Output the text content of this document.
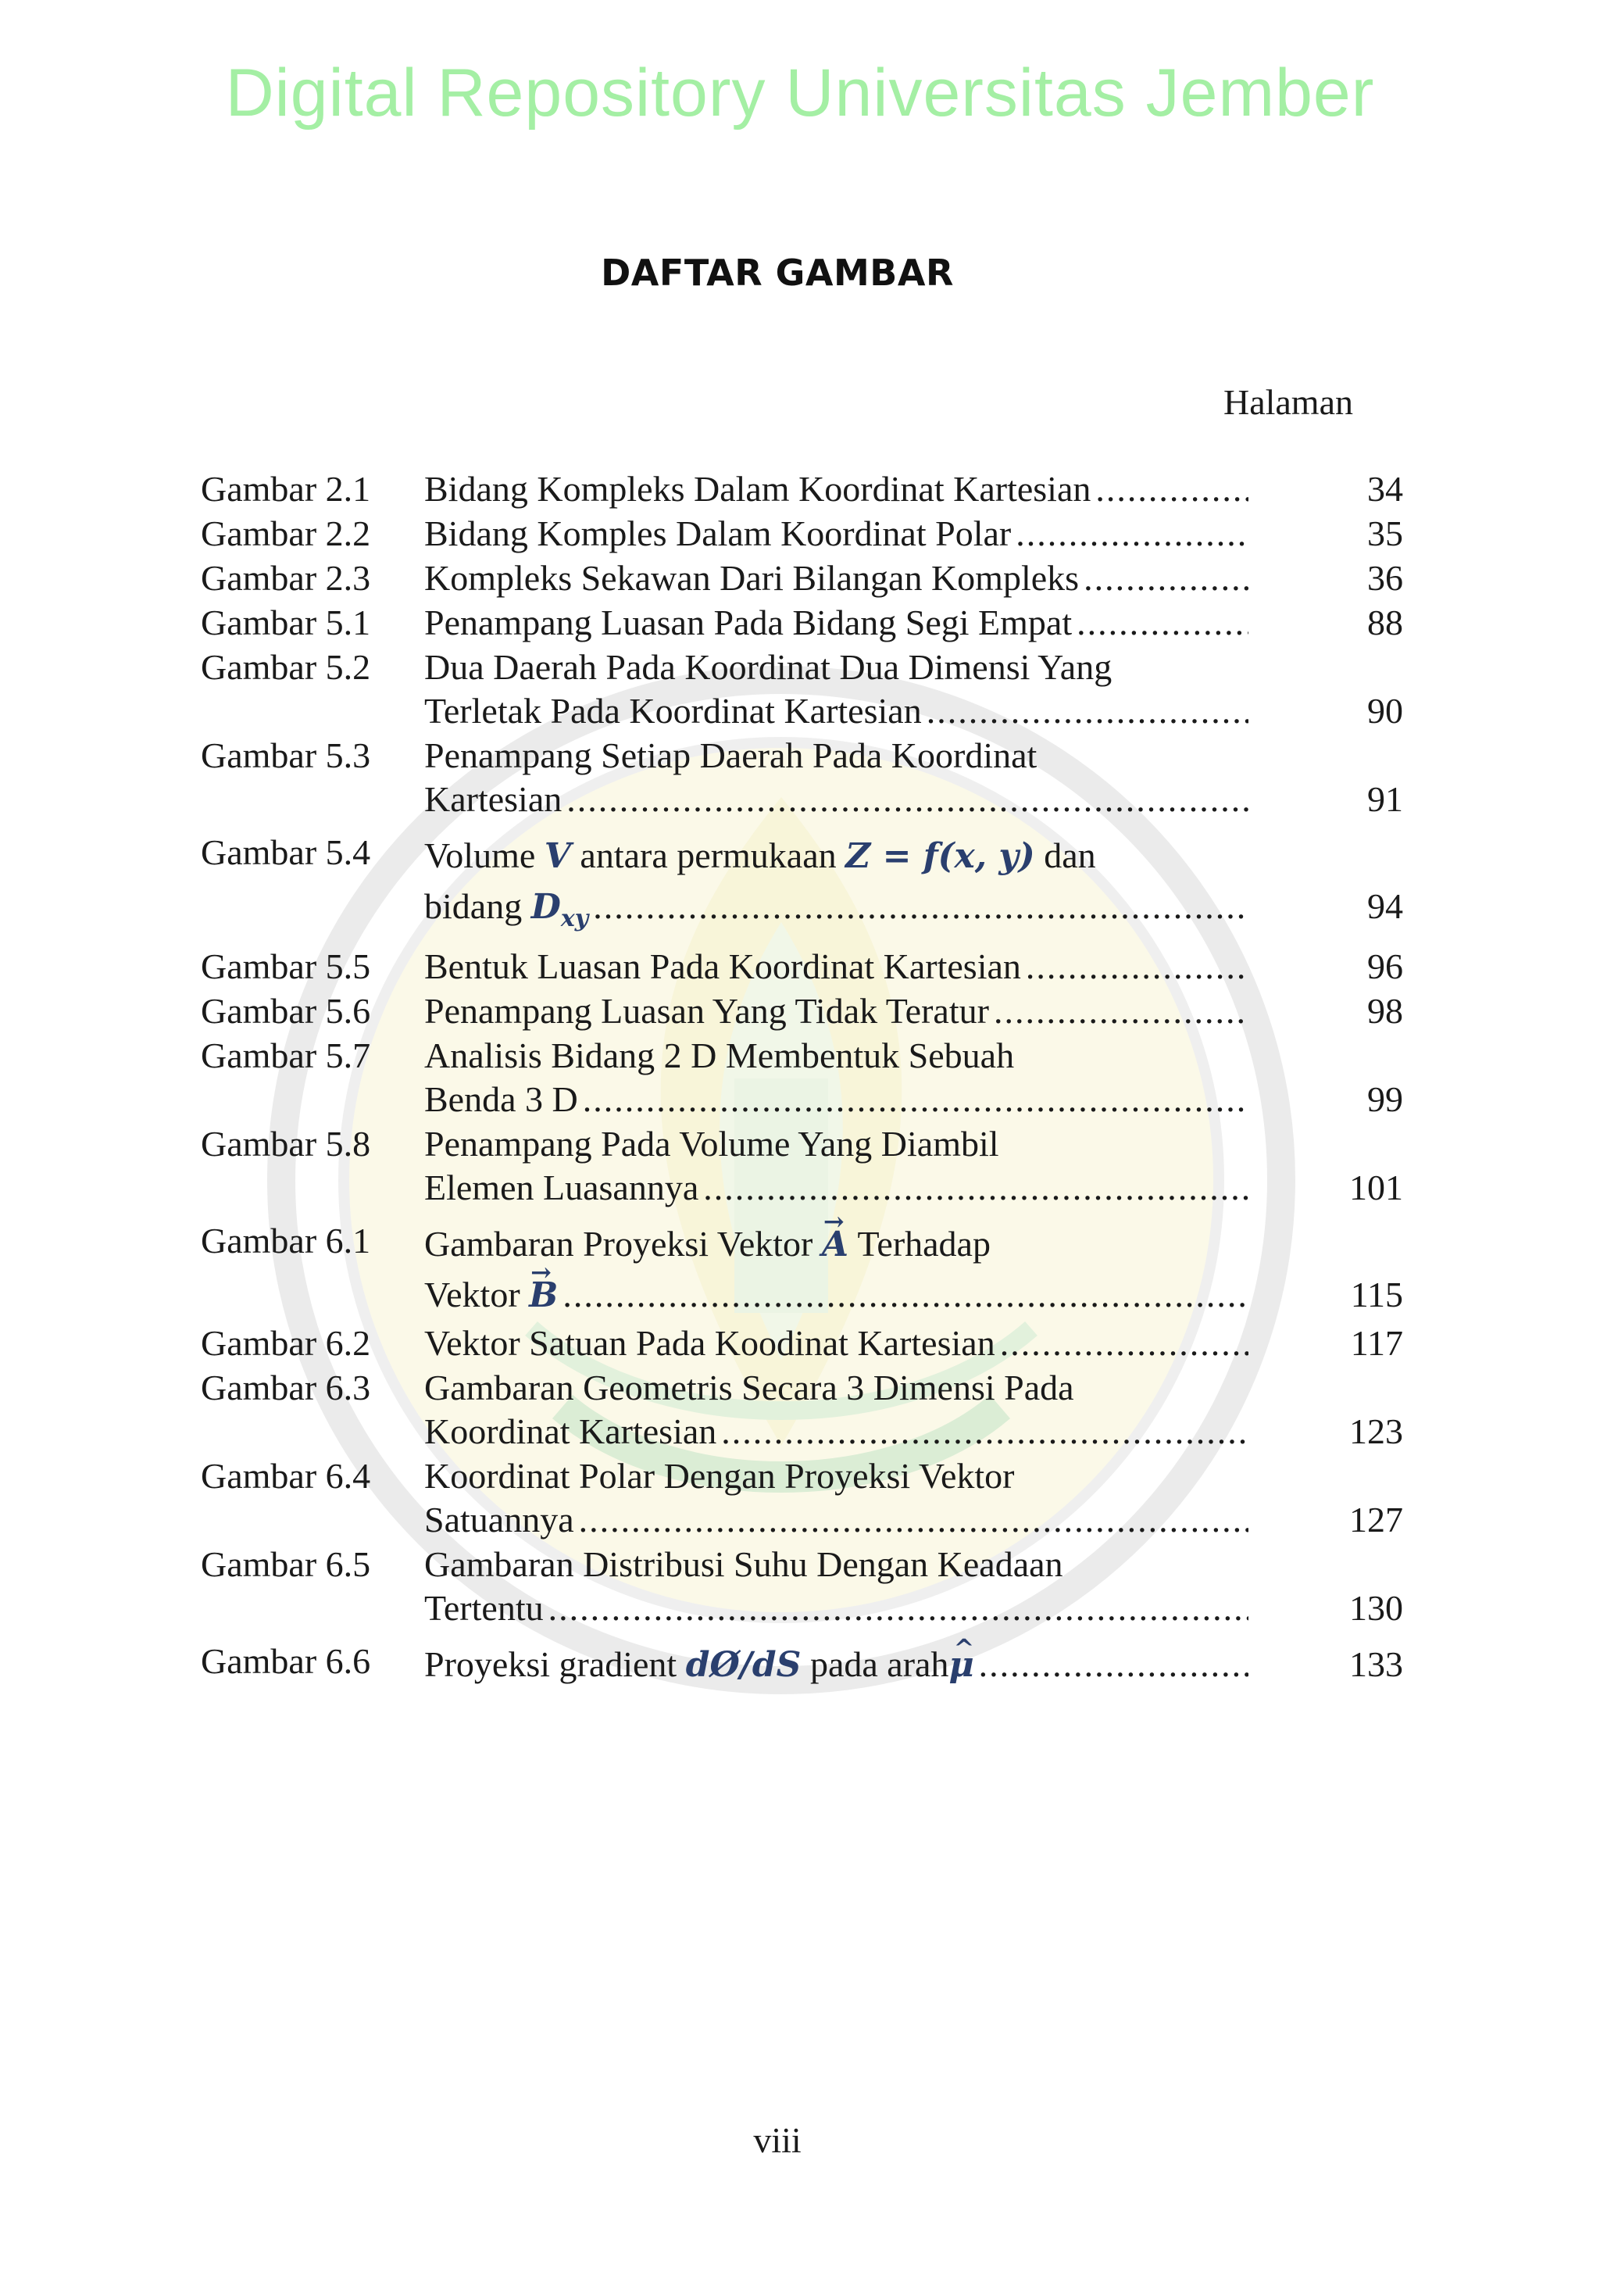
Digital Repository Universitas Jember
DAFTAR GAMBAR
Halaman
Gambar 2.1 Bidang Kompleks Dalam Koordinat Kartesian .....	34
Gambar 2.2 Bidang Komples Dalam Koordinat Polar .....	35
Gambar 2.3 Kompleks Sekawan Dari Bilangan Kompleks .....	36
Gambar 5.1 Penampang Luasan Pada Bidang Segi Empat .....	88
Gambar 5.2 Dua Daerah Pada Koordinat Dua Dimensi Yang
Terletak Pada Koordinat Kartesian .....	90
Gambar 5.3 Penampang Setiap Daerah Pada Koordinat
Kartesian .....	91
Gambar 5.4 Volume
V
antara permukaan
Z = f(x, y)
dan
bidang
$D_{xy}$ .....	94
Gambar 5.5 Bentuk Luasan Pada Koordinat Kartesian .....	96
Gambar 5.6 Penampang Luasan Yang Tidak Teratur .....	98
Gambar 5.7 Analisis Bidang 2 D Membentuk Sebuah
Benda 3 D .....	99
Gambar 5.8 Penampang Pada Volume Yang Diambil
Elemen Luasannya .....	101
Gambar 6.1 Gambaran Proyeksi Vektor
→ A
Terhadap
Vektor
→ B .....	115
Gambar 6.2 Vektor Satuan Pada Koodinat Kartesian .....	117
Gambar 6.3 Gambaran Geometris Secara 3 Dimensi Pada
Koordinat Kartesian .....	123
Gambar 6.4 Koordinat Polar Dengan Proyeksi Vektor
Satuannya .....	127
Gambar 6.5 Gambaran Distribusi Suhu Dengan Keadaan
Tertentu .....	130
Gambar 6.6 Proyeksi gradient
dØ/dS
pada arah ^ μ .....	133
viii
